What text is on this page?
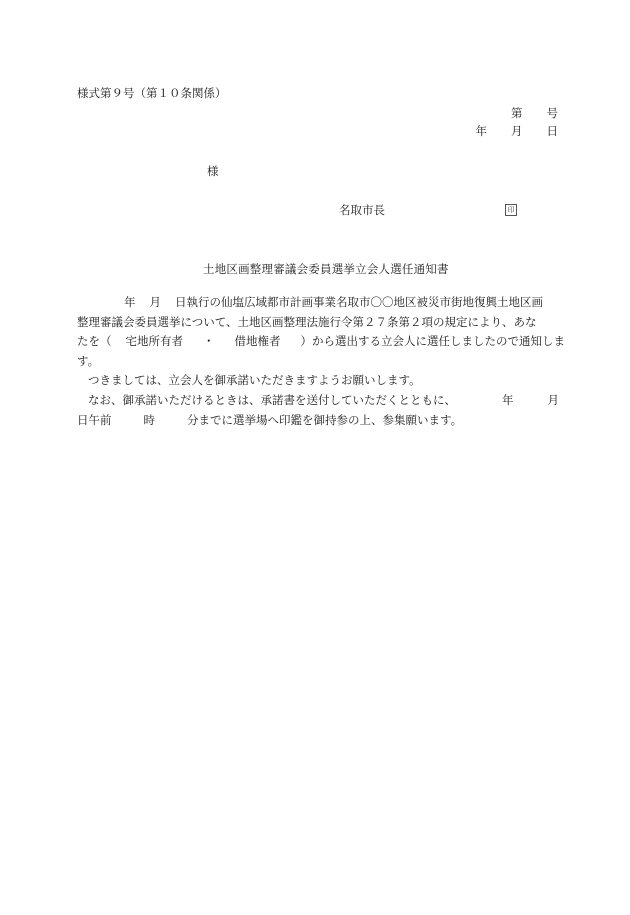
様式第９号（第１０条関係）
第 号
年 月 日
様
名取市長	印
土地区画整理審議会委員選挙立会人選任通知書
年 月 日執行の仙塩広域都市計画事業名取市〇〇地区被災市街地復興土地区画
整理審議会委員選挙について、土地区画整理法施行令第２７条第２項の規定により、あな
たを（ 宅地所有者 ・ 借地権者 ）から選出する立会人に選任しましたので通知しま
す。
つきましては、立会人を御承諾いただきますようお願いします。
なお、御承諾いただけるときは、承諾書を送付していただくとともに、	年	月
日午前	時	分までに選挙場へ印鑑を御持参の上、参集願います。
